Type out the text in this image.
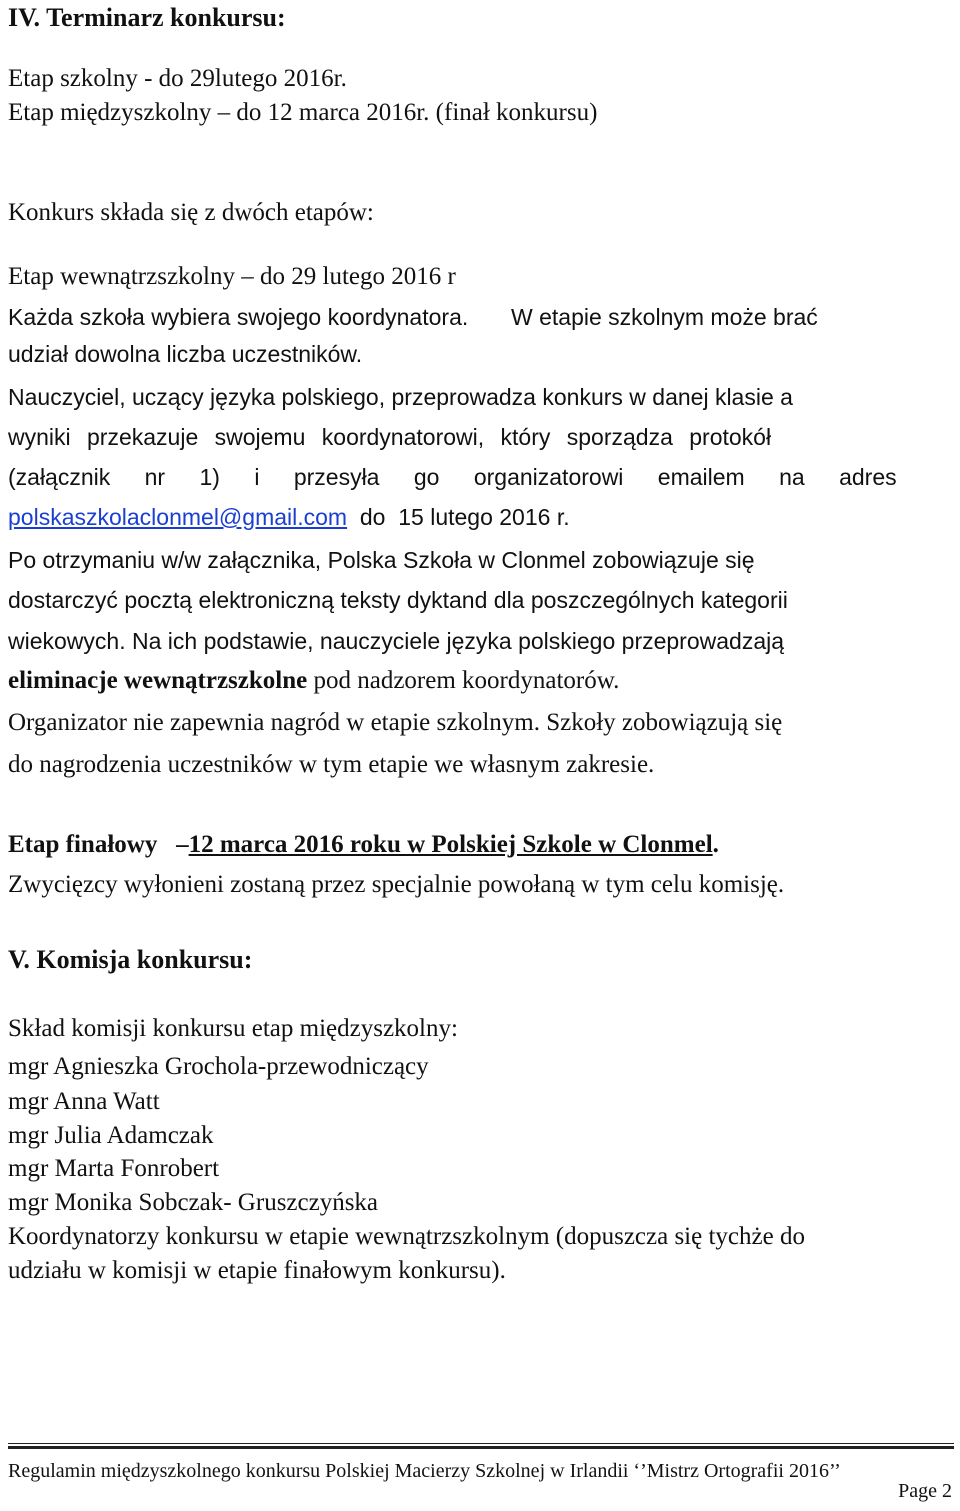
IV. Terminarz konkursu:
Etap szkolny - do 29lutego 2016r.
Etap międzyszkolny – do 12 marca 2016r. (finał konkursu)
Konkurs składa się z dwóch etapów:
Etap wewnątrzszkolny – do 29 lutego 2016 r
Każda szkoła wybiera swojego koordynatora. W etapie szkolnym może brać
udział dowolna liczba uczestników.
Nauczyciel, uczący języka polskiego, przeprowadza konkurs w danej klasie a
wyniki przekazuje swojemu koordynatorowi, który sporządza protokół
(załącznik nr 1) i przesyła go organizatorowi emailem na adres
polskaszkolaclonmel@gmail.com  do  15 lutego 2016 r.
Po otrzymaniu w/w załącznika, Polska Szkoła w Clonmel zobowiązuje się
dostarczyć pocztą elektroniczną teksty dyktand dla poszczególnych kategorii
wiekowych. Na ich podstawie, nauczyciele języka polskiego przeprowadzają
eliminacje wewnątrzszkolne pod nadzorem koordynatorów.
Organizator nie zapewnia nagród w etapie szkolnym. Szkoły zobowiązują się
do nagrodzenia uczestników w tym etapie we własnym zakresie.
Etap finałowy   –12 marca 2016 roku w Polskiej Szkole w Clonmel.
Zwycięzcy wyłonieni zostaną przez specjalnie powołaną w tym celu komisję.
V. Komisja konkursu:
Skład komisji konkursu etap międzyszkolny:
mgr Agnieszka Grochola-przewodniczący
mgr Anna Watt
mgr Julia Adamczak
mgr Marta Fonrobert
mgr Monika Sobczak- Gruszczyńska
Koordynatorzy konkursu w etapie wewnątrzszkolnym (dopuszcza się tychże do
udziału w komisji w etapie finałowym konkursu).
Regulamin międzyszkolnego konkursu Polskiej Macierzy Szkolnej w Irlandii ‘’Mistrz Ortografii 2016’’
Page 2
